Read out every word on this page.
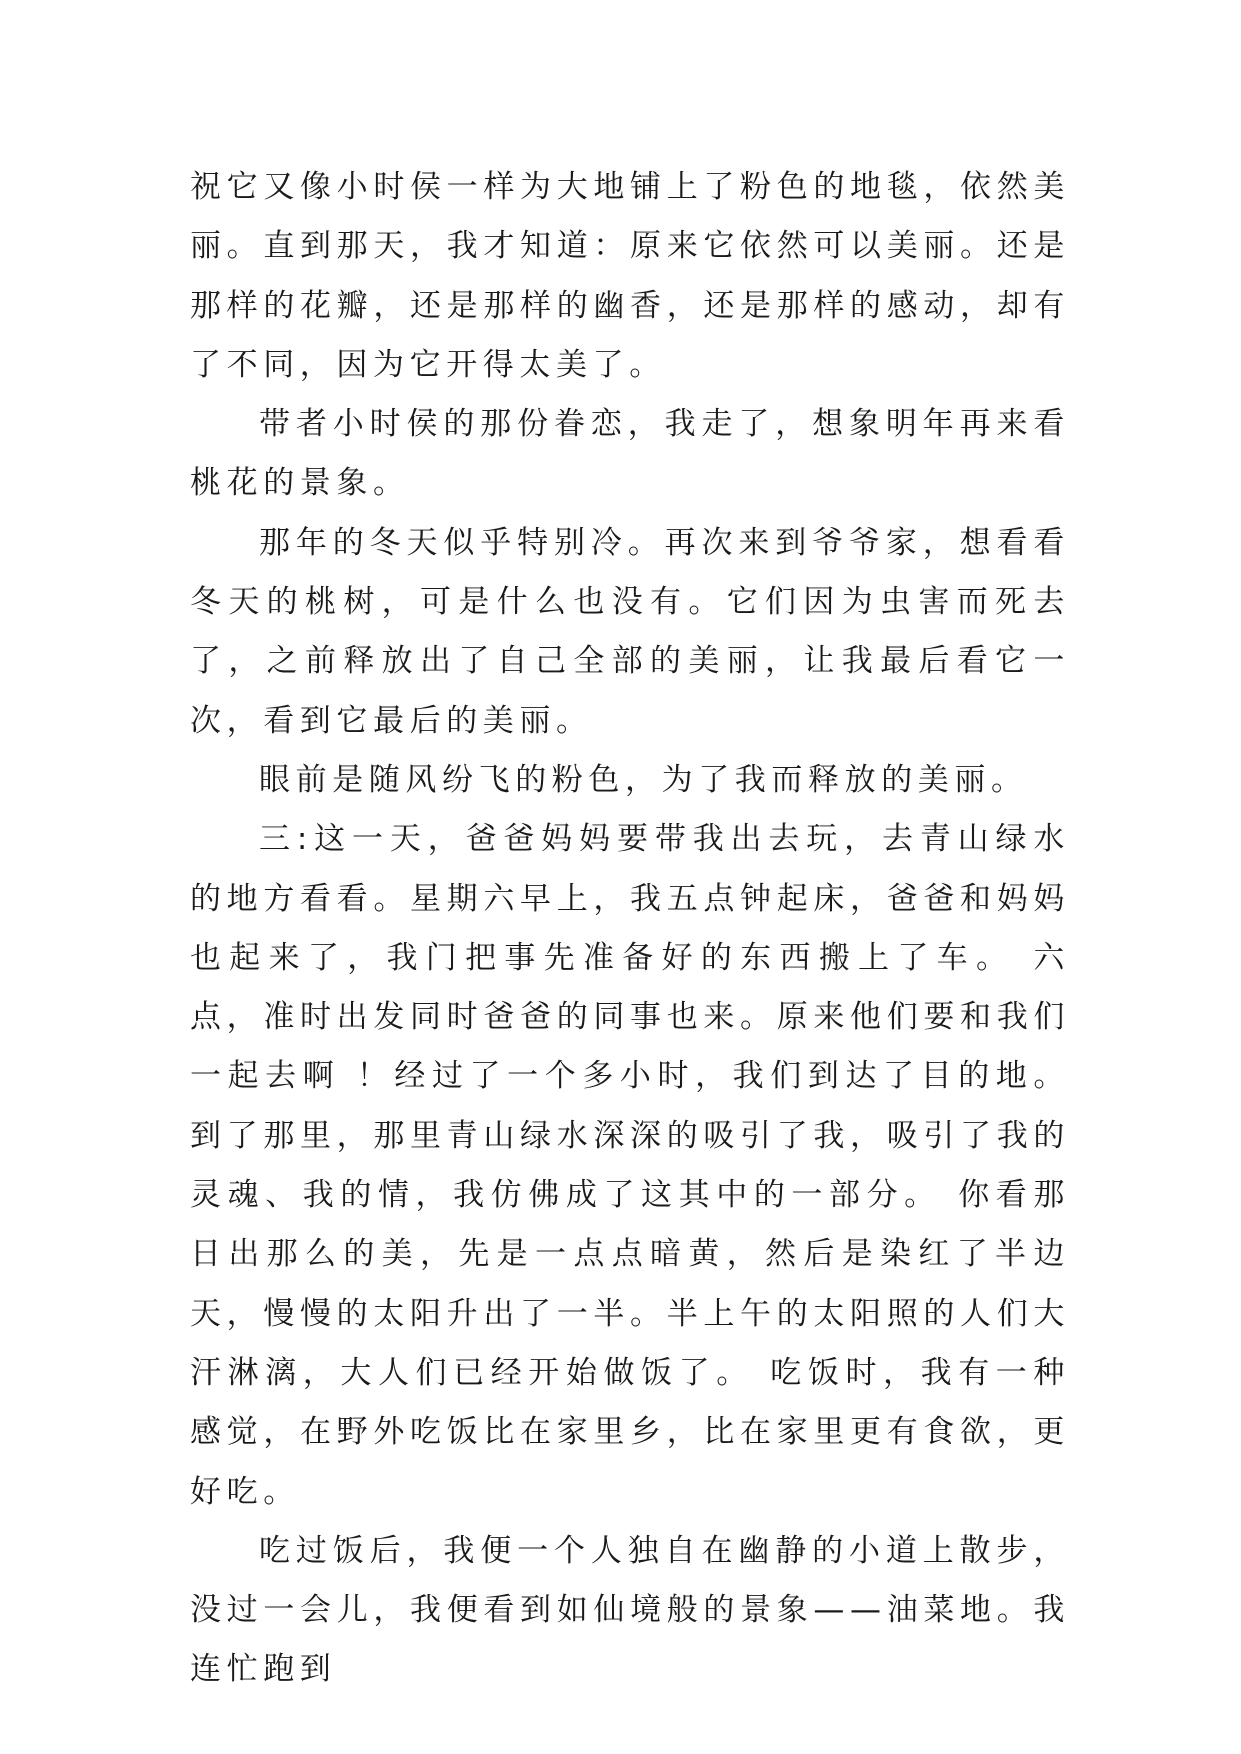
祝它又像小时侯一样为大地铺上了粉色的地毯，依然美丽。直到那天，我才知道：原来它依然可以美丽。还是那样的花瓣，还是那样的幽香，还是那样的感动，却有了不同，因为它开得太美了。

带者小时侯的那份眷恋，我走了，想象明年再来看桃花的景象。

那年的冬天似乎特别冷。再次来到爷爷家，想看看冬天的桃树，可是什么也没有。它们因为虫害而死去了，之前释放出了自己全部的美丽，让我最后看它一次，看到它最后的美丽。

眼前是随风纷飞的粉色，为了我而释放的美丽。

三:这一天，爸爸妈妈要带我出去玩，去青山绿水的地方看看。星期六早上，我五点钟起床，爸爸和妈妈也起来了，我门把事先准备好的东西搬上了车。 六点，准时出发同时爸爸的同事也来。原来他们要和我们一起去啊 ！经过了一个多小时，我们到达了目的地。 到了那里，那里青山绿水深深的吸引了我，吸引了我的灵魂、我的情，我仿佛成了这其中的一部分。 你看那日出那么的美，先是一点点暗黄，然后是染红了半边天，慢慢的太阳升出了一半。半上午的太阳照的人们大汗淋漓，大人们已经开始做饭了。 吃饭时，我有一种感觉，在野外吃饭比在家里乡，比在家里更有食欲，更好吃。

吃过饭后，我便一个人独自在幽静的小道上散步，没过一会儿，我便看到如仙境般的景象——油菜地。我连忙跑到
